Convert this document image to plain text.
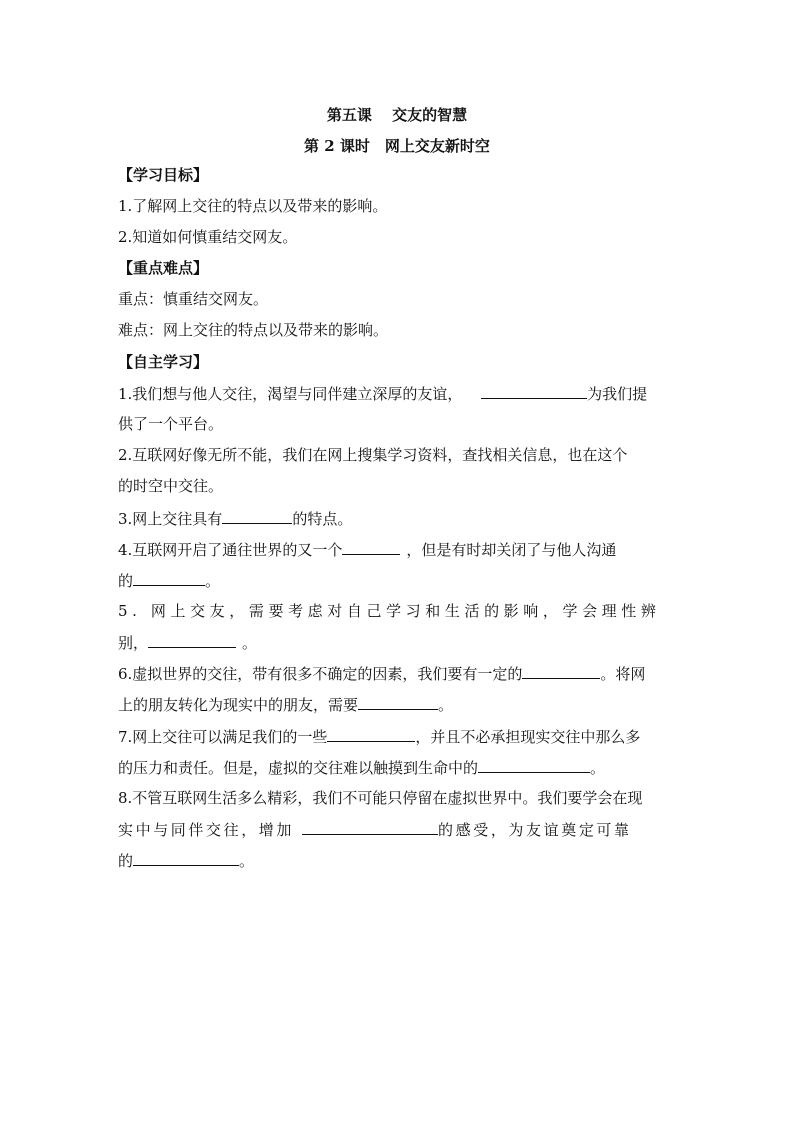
第五课　 交友的智慧
第 2 课时　网上交友新时空
【学习目标】
1.了解网上交往的特点以及带来的影响。
2.知道如何慎重结交网友。
【重点难点】
重点：慎重结交网友。
难点：网上交往的特点以及带来的影响。
【自主学习】
1.我们想与他人交往，渴望与同伴建立深厚的友谊，	为我们提
供了一个平台。
2.互联网好像无所不能，我们在网上搜集学习资料，查找相关信息，也在这个
的时空中交往。
3.网上交往具有	的特点。
4.互联网开启了通往世界的又一个	，但是有时却关闭了与他人沟通
的	。
5. 网上交友，需要考虑对自己学习和生活的影响，学会理性辨
别，	。
6.虚拟世界的交往，带有很多不确定的因素，我们要有一定的	。将网
上的朋友转化为现实中的朋友，需要	。
7.网上交往可以满足我们的一些	，并且不必承担现实交往中那么多
的压力和责任。但是，虚拟的交往难以触摸到生命中的	。
8.不管互联网生活多么精彩，我们不可能只停留在虚拟世界中。我们要学会在现
实中与同伴交往，增加	的感受，为友谊奠定可靠
的	。
